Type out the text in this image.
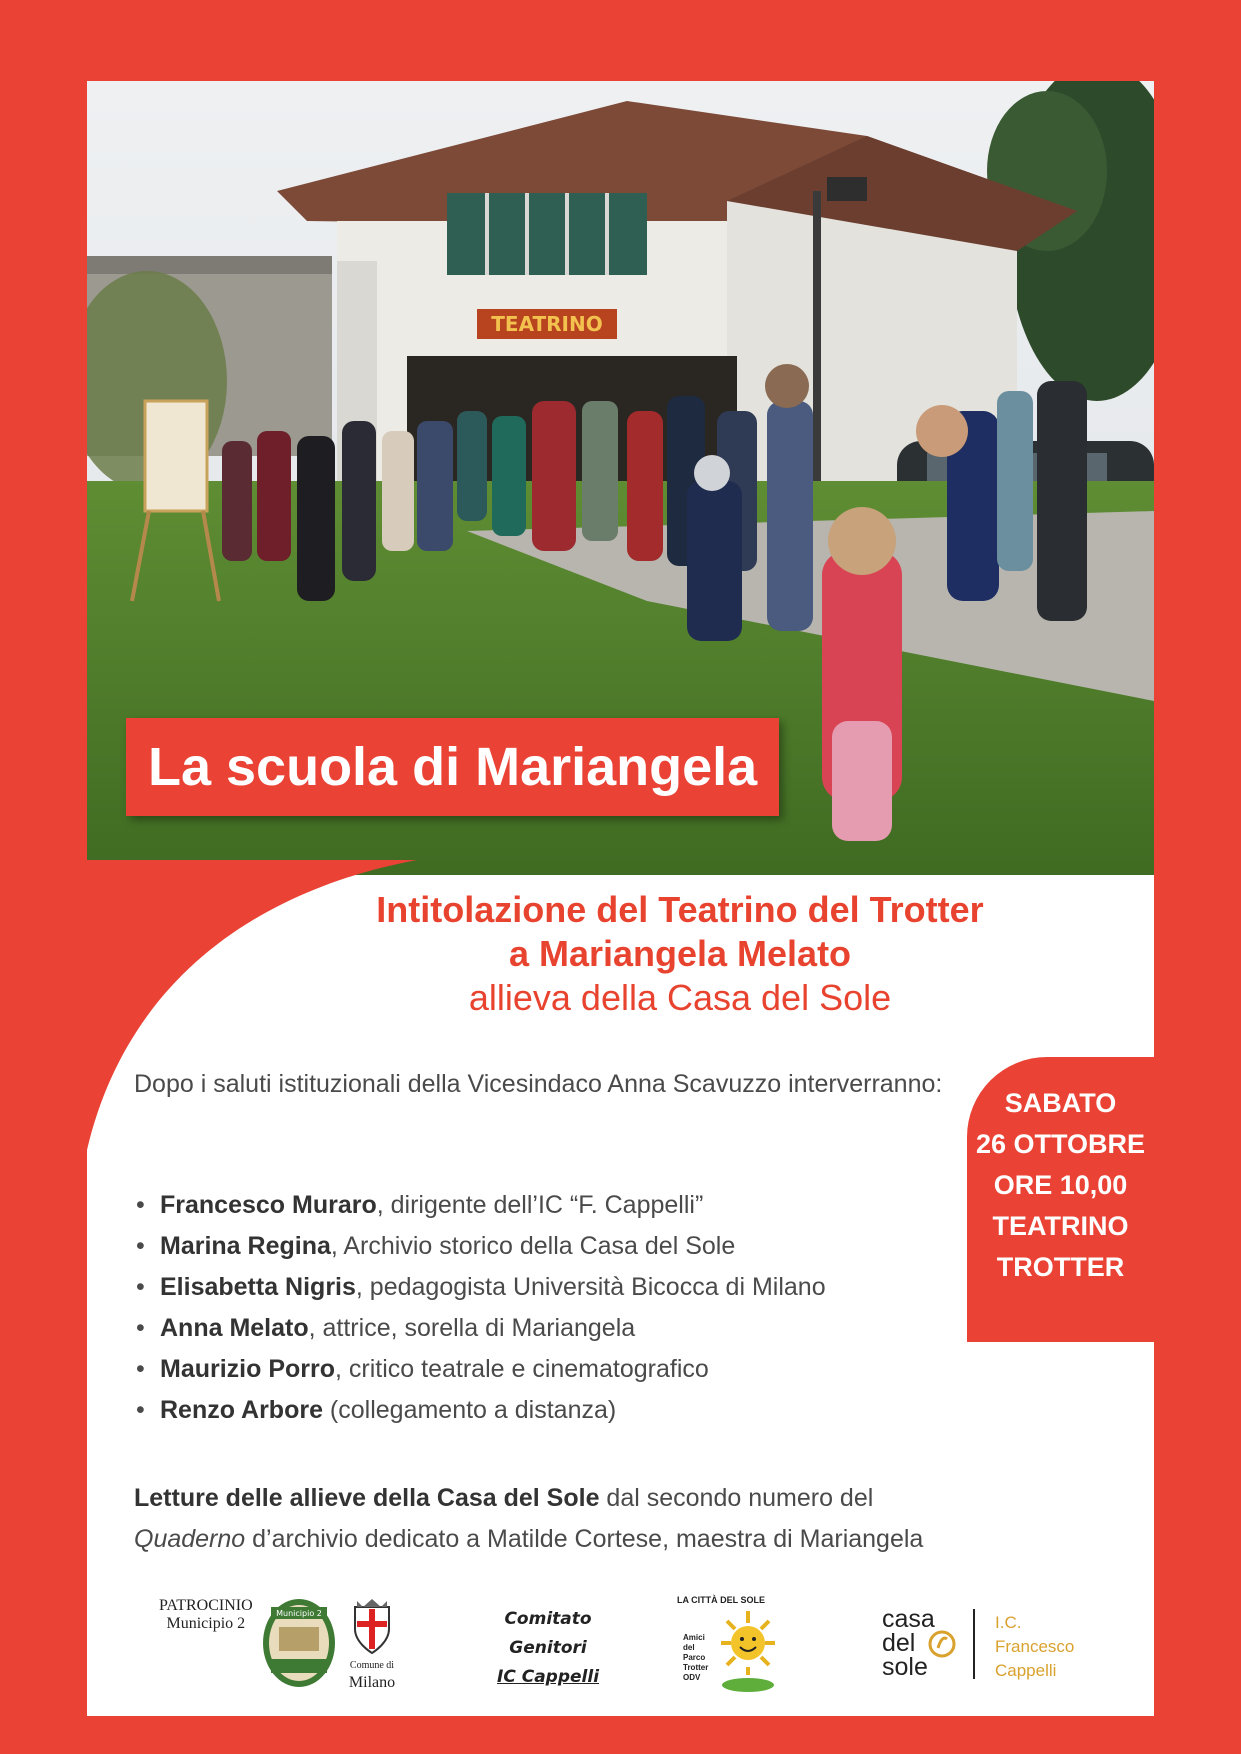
TEATRINO
La scuola di Mariangela
Intitolazione del Teatrino del Trotter
a Mariangela Melato
allieva della Casa del Sole
Dopo i saluti istituzionali della Vicesindaco Anna Scavuzzo interverranno:
• Francesco Muraro, dirigente dell’IC “F. Cappelli”
• Marina Regina, Archivio storico della Casa del Sole
• Elisabetta Nigris, pedagogista Università Bicocca di Milano
• Anna Melato, attrice, sorella di Mariangela
• Maurizio Porro, critico teatrale e cinematografico
• Renzo Arbore (collegamento a distanza)
Letture delle allieve della Casa del Sole dal secondo numero del
Quaderno d’archivio dedicato a Matilde Cortese, maestra di Mariangela
SABATO
26 OTTOBRE
ORE 10,00
TEATRINO
TROTTER
PATROCINIO
Municipio 2
Municipio 2
Comune di
Milano
Comitato
Genitori
IC Cappelli
LA CITTÀ DEL SOLE
Amici
del
Parco
Trotter
ODV
casa
del
sole
I.C.
Francesco
Cappelli
